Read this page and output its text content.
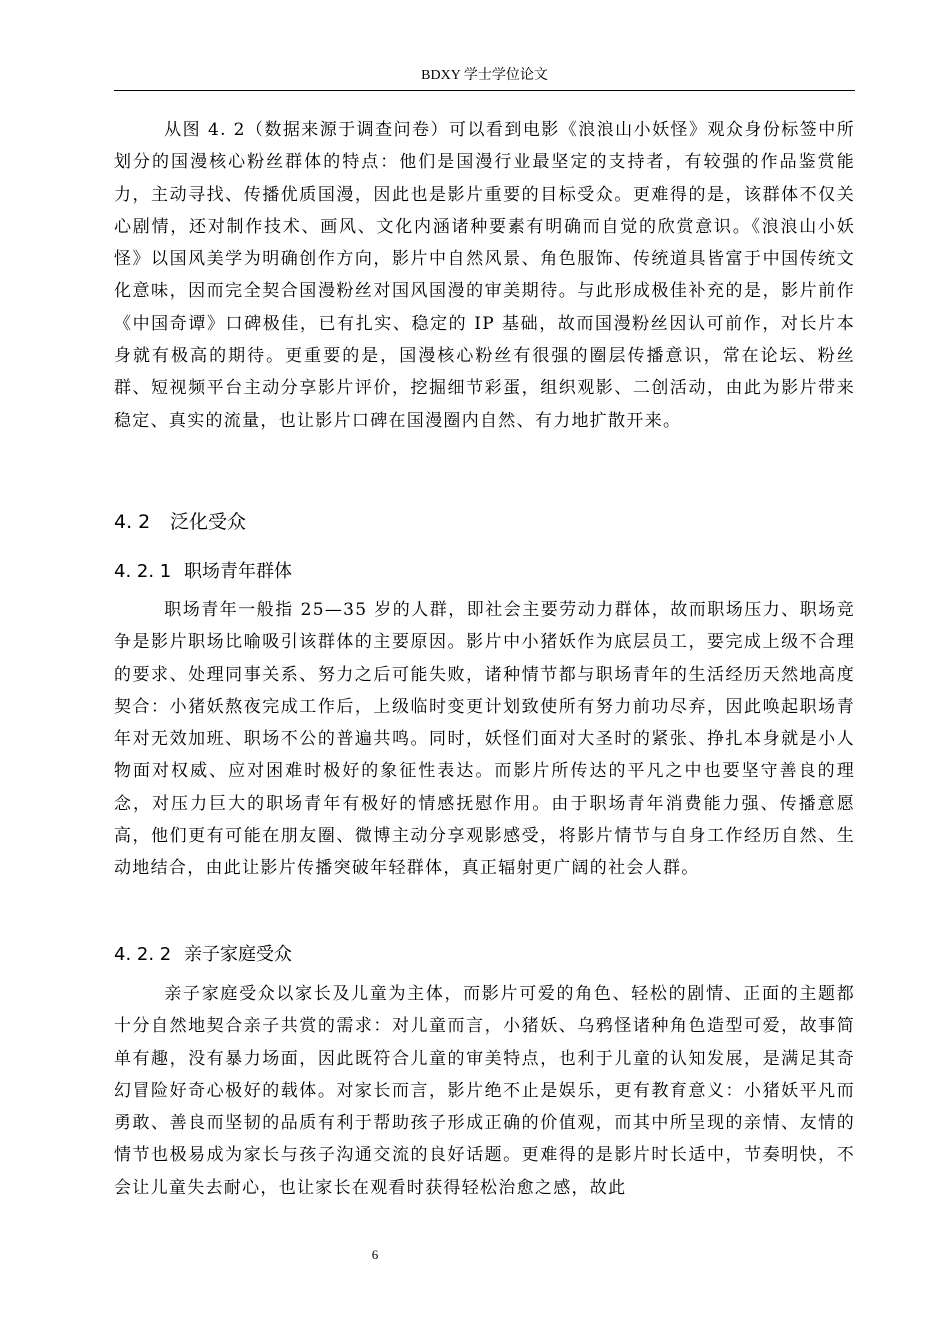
BDXY 学士学位论文

从图 4. 2（数据来源于调查问卷）可以看到电影《浪浪山小妖怪》观众身份标签中所划分的国漫核心粉丝群体的特点：他们是国漫行业最坚定的支持者，有较强的作品鉴赏能力，主动寻找、传播优质国漫，因此也是影片重要的目标受众。更难得的是，该群体不仅关心剧情，还对制作技术、画风、文化内涵诸种要素有明确而自觉的欣赏意识。《浪浪山小妖怪》以国风美学为明确创作方向，影片中自然风景、角色服饰、传统道具皆富于中国传统文化意味，因而完全契合国漫粉丝对国风国漫的审美期待。与此形成极佳补充的是，影片前作《中国奇谭》口碑极佳，已有扎实、稳定的 IP 基础，故而国漫粉丝因认可前作，对长片本身就有极高的期待。更重要的是，国漫核心粉丝有很强的圈层传播意识，常在论坛、粉丝群、短视频平台主动分享影片评价，挖掘细节彩蛋，组织观影、二创活动，由此为影片带来稳定、真实的流量，也让影片口碑在国漫圈内自然、有力地扩散开来。

4. 2 泛化受众
4. 2. 1 职场青年群体

职场青年一般指 25—35 岁的人群，即社会主要劳动力群体，故而职场压力、职场竞争是影片职场比喻吸引该群体的主要原因。影片中小猪妖作为底层员工，要完成上级不合理的要求、处理同事关系、努力之后可能失败，诸种情节都与职场青年的生活经历天然地高度契合：小猪妖熬夜完成工作后，上级临时变更计划致使所有努力前功尽弃，因此唤起职场青年对无效加班、职场不公的普遍共鸣。同时，妖怪们面对大圣时的紧张、挣扎本身就是小人物面对权威、应对困难时极好的象征性表达。而影片所传达的平凡之中也要坚守善良的理念，对压力巨大的职场青年有极好的情感抚慰作用。由于职场青年消费能力强、传播意愿高，他们更有可能在朋友圈、微博主动分享观影感受，将影片情节与自身工作经历自然、生动地结合，由此让影片传播突破年轻群体，真正辐射更广阔的社会人群。

4. 2. 2 亲子家庭受众

亲子家庭受众以家长及儿童为主体，而影片可爱的角色、轻松的剧情、正面的主题都十分自然地契合亲子共赏的需求：对儿童而言，小猪妖、乌鸦怪诸种角色造型可爱，故事简单有趣，没有暴力场面，因此既符合儿童的审美特点，也利于儿童的认知发展，是满足其奇幻冒险好奇心极好的载体。对家长而言，影片绝不止是娱乐，更有教育意义：小猪妖平凡而勇敢、善良而坚韧的品质有利于帮助孩子形成正确的价值观，而其中所呈现的亲情、友情的情节也极易成为家长与孩子沟通交流的良好话题。更难得的是影片时长适中，节奏明快，不会让儿童失去耐心，也让家长在观看时获得轻松治愈之感，故此

6
